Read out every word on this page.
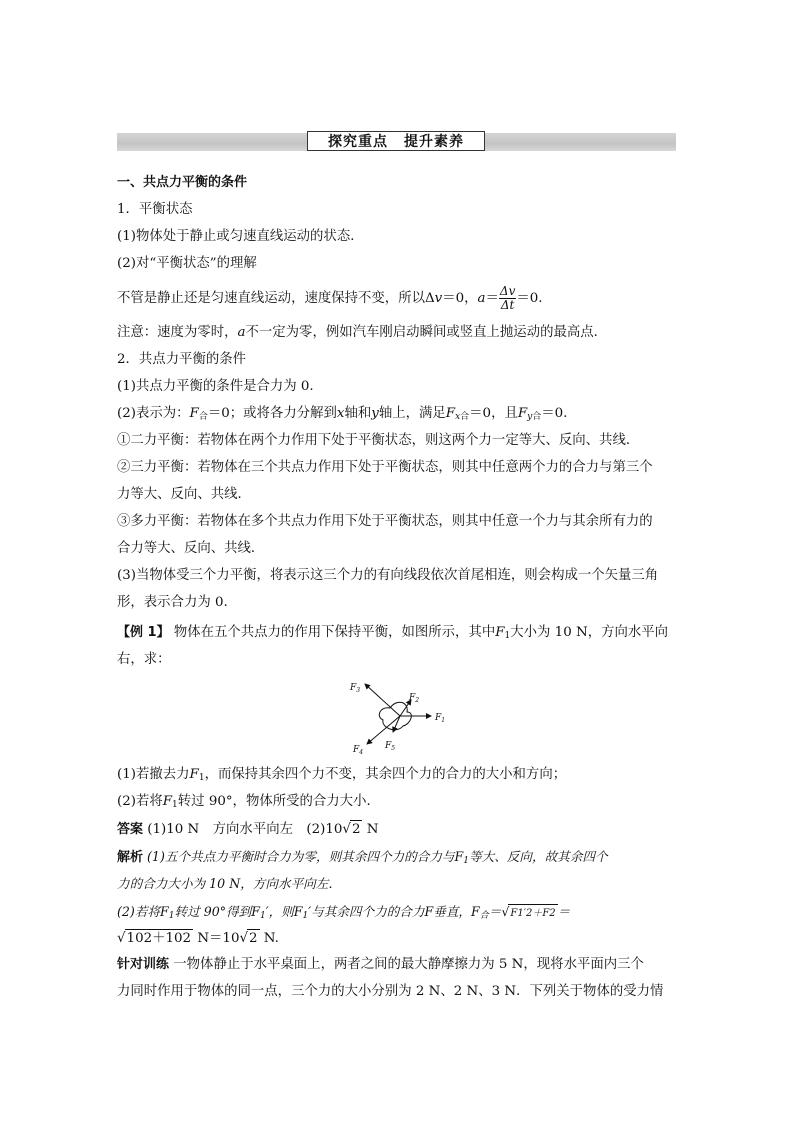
探究重点 提升素养
一、共点力平衡的条件
1．平衡状态
(1)物体处于静止或匀速直线运动的状态．
(2)对“平衡状态”的理解
不管是静止还是匀速直线运动，速度保持不变，所以Δv＝0，$a= \frac{\Delta v}{\Delta t} =0$.
注意：速度为零时，a不一定为零，例如汽车刚启动瞬间或竖直上抛运动的最高点．
2．共点力平衡的条件
(1)共点力平衡的条件是合力为 0.
(2)表示为：$F_合=0$；或将各力分解到x轴和y轴上，满足$F_{x合}=0$，且$F_{y合}=0$.
①二力平衡：若物体在两个力作用下处于平衡状态，则这两个力一定等大、反向、共线．
②三力平衡：若物体在三个共点力作用下处于平衡状态，则其中任意两个力的合力与第三个
力等大、反向、共线．
③多力平衡：若物体在多个共点力作用下处于平衡状态，则其中任意一个力与其余所有力的
合力等大、反向、共线．
(3)当物体受三个力平衡，将表示这三个力的有向线段依次首尾相连，则会构成一个矢量三角
形，表示合力为 0.
【例 1】 物体在五个共点力的作用下保持平衡，如图所示，其中$F_1$大小为 10 N，方向水平向
右，求：
$F_3$
$F_2$
$F_1$
$F_4$
$F_5$
(1)若撤去力$F_1$，而保持其余四个力不变，其余四个力的合力的大小和方向；
(2)若将$F_1$转过 90°，物体所受的合力大小．
答案 (1)10 N　方向水平向左　(2)10√2 N
解析 (1)五个共点力平衡时合力为零，则其余四个力的合力与$F_1$等大、反向，故其余四个
力的合力大小为 10 N，方向水平向左．
(2)若将$F_1$转过 90°得到$F_1'$，则$F_1'$与其余四个力的合力F垂直，$F_合=√F1'2+F2$ ＝
√102＋102 N＝10√2 N.
针对训练 一物体静止于水平桌面上，两者之间的最大静摩擦力为 5 N，现将水平面内三个
力同时作用于物体的同一点，三个力的大小分别为 2 N、2 N、3 N．下列关于物体的受力情
